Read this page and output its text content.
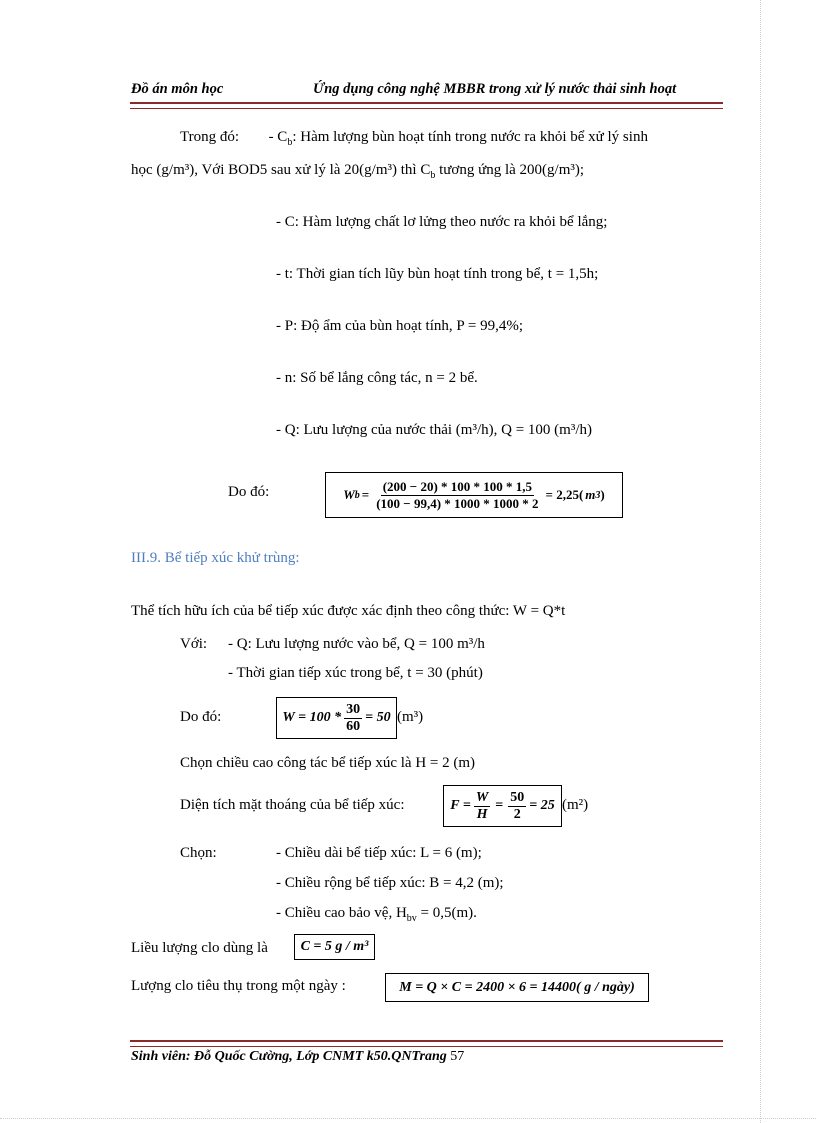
Đồ án môn học	Ứng dụng công nghệ MBBR trong xử lý nước thải sinh hoạt
Trong đó: - $C_b$: Hàm lượng bùn hoạt tính trong nước ra khỏi bể xử lý sinh
học (g/m³), Với BOD5 sau xử lý là 20(g/m³) thì $C_b$ tương ứng là 200(g/m³);
- C: Hàm lượng chất lơ lửng theo nước ra khỏi bể lắng;
- t: Thời gian tích lũy bùn hoạt tính trong bể, t = 1,5h;
- P: Độ ẩm của bùn hoạt tính, P = 99,4%;
- n: Số bể lắng công tác, n = 2 bể.
- Q: Lưu lượng của nước thải (m³/h), Q = 100 (m³/h)
Do đó:	W $b = \frac{(200 - 20) * 100 * 100 * 1,5}{(100 - 99,4) * 1000 * 1000 * 2} = 2,25$( m 3 )
III.9. Bể tiếp xúc khử trùng:
Thể tích hữu ích của bể tiếp xúc được xác định theo công thức: W = Q*t
Với: - Q: Lưu lượng nước vào bể, Q = 100 m³/h
- Thời gian tiếp xúc trong bể, t = 30 (phút)
Do đó:	$W = 100 * \frac{30}{60} = 50$ (m³)
Chọn chiều cao công tác bể tiếp xúc là H = 2 (m)
Diện tích mặt thoáng của bể tiếp xúc:	$F = \frac{W}{H} = \frac{50}{2} = 25$ (m²)
Chọn:	- Chiều dài bể tiếp xúc: L = 6 (m);
- Chiều rộng bể tiếp xúc: B = 4,2 (m);
- Chiều cao bảo vệ, $H_{bv} = 0,5(m)$.
Liều lượng clo dùng là	C = 5 g / m³
Lượng clo tiêu thụ trong một ngày :	M = Q × C = 2400 × 6 = 14400( g / ngày)
Sinh viên: Đỗ Quốc Cường, Lớp CNMT k50.QNTrang 57
